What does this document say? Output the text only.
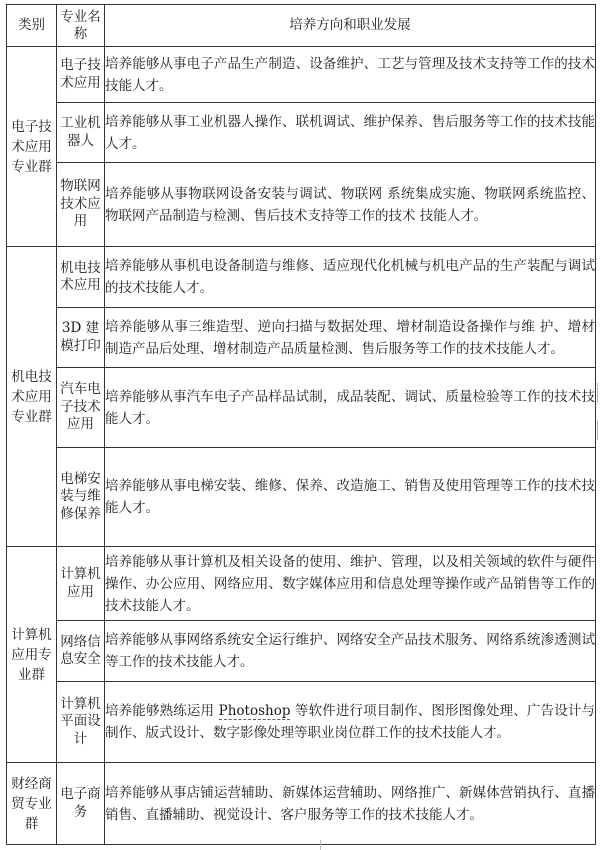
类别	专业名称	培养方向和职业发展
电子技术应用专业群	电子技术应用	培养能够从事电子产品生产制造、设备维护、工艺与管理及技术支持等工作的技术技能人才。
	工业机器人	培养能够从事工业机器人操作、联机调试、维护保养、售后服务等工作的技术技能人才。
	物联网技术应用	培养能够从事物联网设备安装与调试、物联网 系统集成实施、物联网系统监控、物联网产品制造与检测、售后技术支持等工作的技术 技能人才。
机电技术应用专业群	机电技术应用	培养能够从事机电设备制造与维修、适应现代化机械与机电产品的生产装配与调试的技术技能人才。
	3D 建模打印	培养能够从事三维造型、逆向扫描与数据处理、增材制造设备操作与维 护、增材制造产品后处理、增材制造产品质量检测、售后服务等工作的技术技能人才。
	汽车电子技术应用	培养能够从事汽车电子产品样品试制，成品装配、调试、质量检验等工作的技术技能人才。
	电梯安装与维修保养	培养能够从事电梯安装、维修、保养、改造施工、销售及使用管理等工作的技术技能人才。
计算机应用专业群	计算机应用	培养能够从事计算机及相关设备的使用、维护、管理，以及相关领域的软件与硬件操作、办公应用、网络应用、数字媒体应用和信息处理等操作或产品销售等工作的技术技能人才。
	网络信息安全	培养能够从事网络系统安全运行维护、网络安全产品技术服务、网络系统渗透测试等工作的技术技能人才。
	计算机平面设计	培养能够熟练运用 Photoshop 等软件进行项目制作、图形图像处理、广告设计与制作、版式设计、数字影像处理等职业岗位群工作的技术技能人才。
财经商贸专业群	电子商务	培养能够从事店铺运营辅助、新媒体运营辅助、网络推广、新媒体营销执行、直播销售、直播辅助、视觉设计、客户服务等工作的技术技能人才。
